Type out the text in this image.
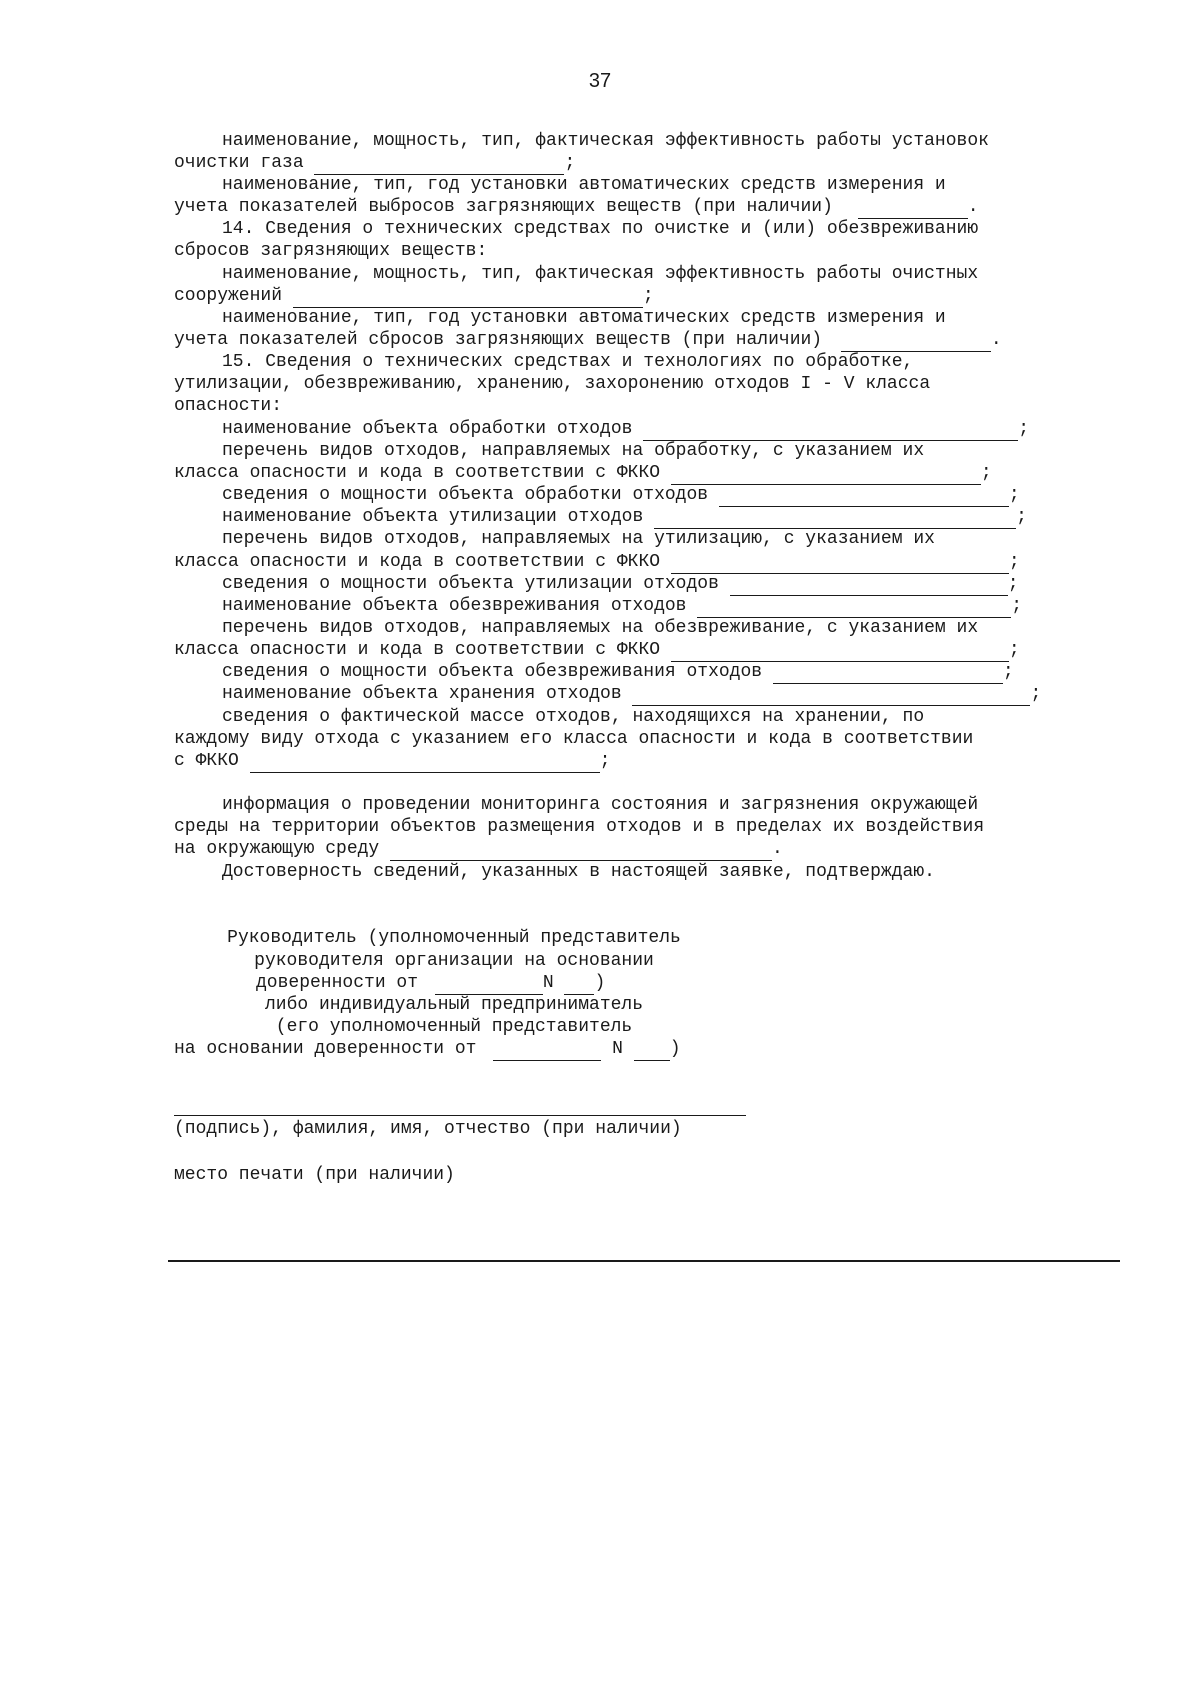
37
наименование, мощность, тип, фактическая эффективность работы установок
очистки газа	;
наименование, тип, год установки автоматических средств измерения и
учета показателей выбросов загрязняющих веществ (при наличии)	.
14. Сведения о технических средствах по очистке и (или) обезвреживанию
сбросов загрязняющих веществ:
наименование, мощность, тип, фактическая эффективность работы очистных
сооружений	;
наименование, тип, год установки автоматических средств измерения и
учета показателей сбросов загрязняющих веществ (при наличии)	.
15. Сведения о технических средствах и технологиях по обработке,
утилизации, обезвреживанию, хранению, захоронению отходов I - V класса
опасности:
наименование объекта обработки отходов	;
перечень видов отходов, направляемых на обработку, с указанием их
класса опасности и кода в соответствии с ФККО	;
сведения о мощности объекта обработки отходов	;
наименование объекта утилизации отходов	;
перечень видов отходов, направляемых на утилизацию, с указанием их
класса опасности и кода в соответствии с ФККО	;
сведения о мощности объекта утилизации отходов	;
наименование объекта обезвреживания отходов	;
перечень видов отходов, направляемых на обезвреживание, с указанием их
класса опасности и кода в соответствии с ФККО	;
сведения о мощности объекта обезвреживания отходов	;
наименование объекта хранения отходов	;
сведения о фактической массе отходов, находящихся на хранении, по
каждому виду отхода с указанием его класса опасности и кода в соответствии
с ФККО	;
информация о проведении мониторинга состояния и загрязнения окружающей
среды на территории объектов размещения отходов и в пределах их воздействия
на окружающую среду	.
Достоверность сведений, указанных в настоящей заявке, подтверждаю.
Руководитель (уполномоченный представитель
руководителя организации на основании
доверенности от	N )
либо индивидуальный предприниматель
(его уполномоченный представитель
на основании доверенности от	N	)
(подпись), фамилия, имя, отчество (при наличии)
место печати (при наличии)
